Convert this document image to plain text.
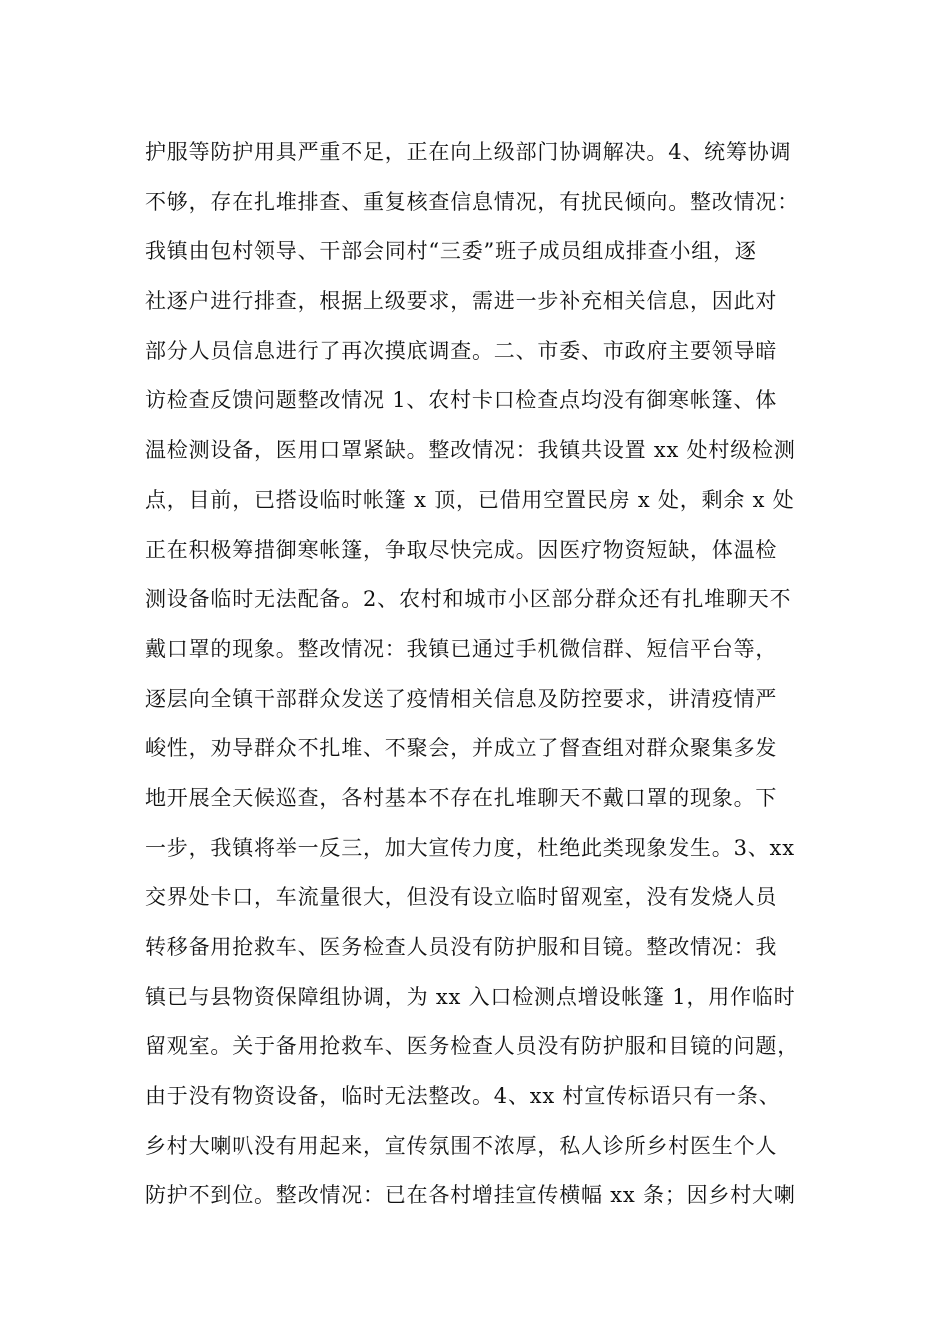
护服等防护用具严重不足，正在向上级部门协调解决。4、统筹协调
不够，存在扎堆排查、重复核查信息情况，有扰民倾向。整改情况：
我镇由包村领导、干部会同村“三委”班子成员组成排查小组，逐
社逐户进行排查，根据上级要求，需进一步补充相关信息，因此对
部分人员信息进行了再次摸底调查。二、市委、市政府主要领导暗
访检查反馈问题整改情况 1、农村卡口检查点均没有御寒帐篷、体
温检测设备，医用口罩紧缺。整改情况：我镇共设置 xx 处村级检测
点，目前，已搭设临时帐篷 x 顶，已借用空置民房 x 处，剩余 x 处
正在积极筹措御寒帐篷，争取尽快完成。因医疗物资短缺，体温检
测设备临时无法配备。2、农村和城市小区部分群众还有扎堆聊天不
戴口罩的现象。整改情况：我镇已通过手机微信群、短信平台等，
逐层向全镇干部群众发送了疫情相关信息及防控要求，讲清疫情严
峻性，劝导群众不扎堆、不聚会，并成立了督查组对群众聚集多发
地开展全天候巡查，各村基本不存在扎堆聊天不戴口罩的现象。下
一步，我镇将举一反三，加大宣传力度，杜绝此类现象发生。3、xx
交界处卡口，车流量很大，但没有设立临时留观室，没有发烧人员
转移备用抢救车、医务检查人员没有防护服和目镜。整改情况：我
镇已与县物资保障组协调，为 xx 入口检测点增设帐篷 1，用作临时
留观室。关于备用抢救车、医务检查人员没有防护服和目镜的问题，
由于没有物资设备，临时无法整改。4、xx 村宣传标语只有一条、
乡村大喇叭没有用起来，宣传氛围不浓厚，私人诊所乡村医生个人
防护不到位。整改情况：已在各村增挂宣传横幅 xx 条；因乡村大喇
